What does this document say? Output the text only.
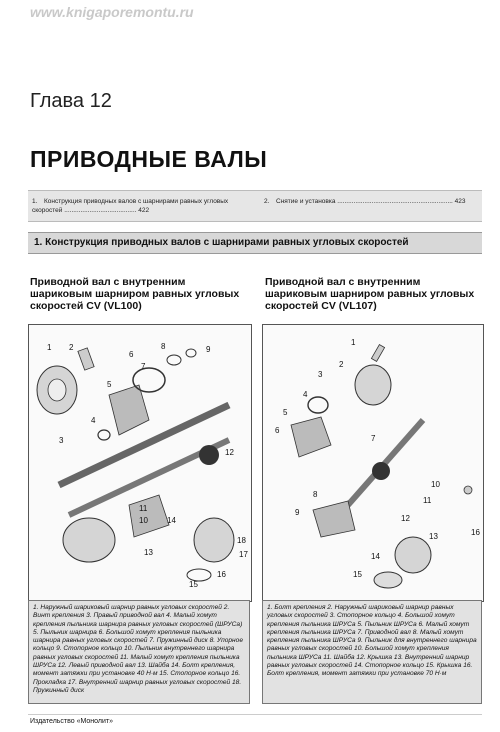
www.knigaporemontu.ru
Глава 12
ПРИВОДНЫЕ ВАЛЫ
1. Конструкция приводных валов с шарнирами равных угловых скоростей ........................................ 422
2. Снятие и установка ................................................................ 423
1. Конструкция приводных валов с шарнирами равных угловых скоростей
Приводной вал с внутренним шариковым шарниром равных угловых скоростей CV (VL100)
Приводной вал с внутренним шариковым шарниром равных угловых скоростей CV (VL107)
1 2
3
4
5
6
7
8	9
10
11
12
13
14
15
16
17
18
1
2
3
4
5
6
7
8
9
10
11
12
13
14
15
16
1. Наружный шариковый шарнир равных угловых скоростей 2. Винт крепления 3. Правый приводной вал 4. Малый хомут крепления пыльника шарнира равных угловых скоростей (ШРУСа) 5. Пыльник шарнира 6. Большой хомут крепления пыльника шарнира равных угловых скоростей 7. Пружинный диск 8. Упорное кольцо 9. Стопорное кольцо 10. Пыльник внутреннего шарнира равных угловых скоростей 11. Малый хомут крепления пыльника ШРУСа 12. Левый приводной вал 13. Шайба 14. Болт крепления, момент затяжки при установке 40 Н·м 15. Стопорное кольцо 16. Прокладка 17. Внутренний шарнир равных угловых скоростей 18. Пружинный диск
1. Болт крепления 2. Наружный шариковый шарнир равных угловых скоростей 3. Стопорное кольцо 4. Большой хомут крепления пыльника ШРУСа 5. Пыльник ШРУСа 6. Малый хомут крепления пыльника ШРУСа 7. Приводной вал 8. Малый хомут крепления пыльника ШРУСа 9. Пыльник для внутреннего шарнира равных угловых скоростей 10. Большой хомут крепления пыльника ШРУСа 11. Шайба 12. Крышка 13. Внутренний шарнир равных угловых скоростей 14. Стопорное кольцо 15. Крышка 16. Болт крепления, момент затяжки при установке 70 Н·м
Издательство «Монолит»
